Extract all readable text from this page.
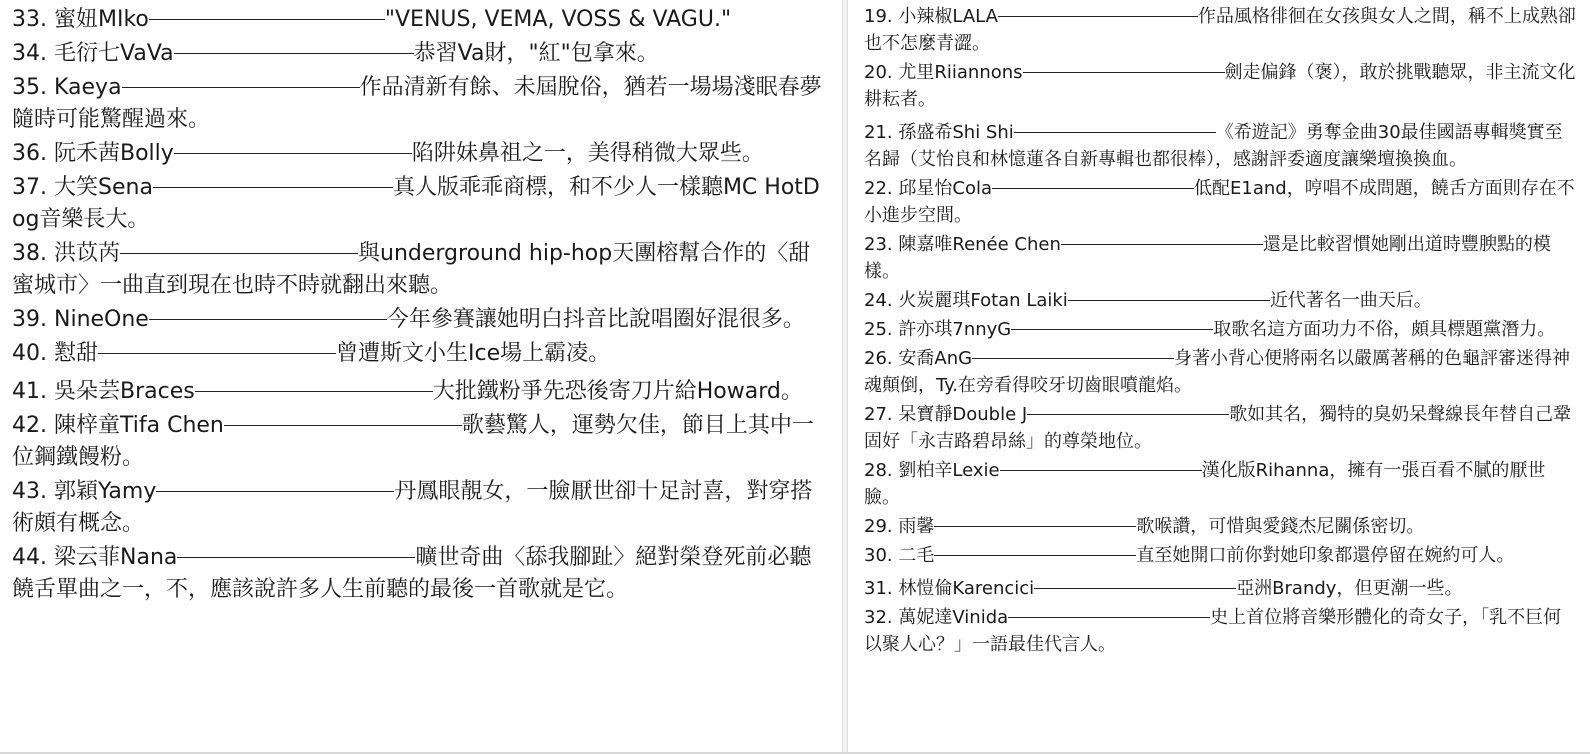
33. 蜜妞MIko	"VENUS, VEMA, VOSS & VAGU."

34. 毛衍七VaVa	恭習Va財，"紅"包拿來。

35. Kaeya	作品清新有餘、未屆脫俗，猶若一場場淺眠春夢隨時可能驚醒過來。

36. 阮禾茜Bolly	陷阱妹鼻祖之一，美得稍微大眾些。

37. 大笑Sena	真人版乖乖商標，和不少人一樣聽MC HotDog音樂長大。

38. 洪苡芮	與underground hip-hop天團榕幫合作的〈甜蜜城市〉一曲直到現在也時不時就翻出來聽。

39. NineOne	今年參賽讓她明白抖音比說唱圈好混很多。

40. 懟甜	曾遭斯文小生Ice場上霸凌。

41. 吳朵芸Braces	大批鐵粉爭先恐後寄刀片給Howard。

42. 陳梓童Tifa Chen	歌藝驚人，運勢欠佳，節目上其中一位鋼鐵饅粉。

43. 郭穎Yamy	丹鳳眼靚女，一臉厭世卻十足討喜，對穿搭術頗有概念。

44. 梁云菲Nana	曠世奇曲〈舔我腳趾〉絕對榮登死前必聽饒舌單曲之一，不，應該說許多人生前聽的最後一首歌就是它。

19. 小辣椒LALA	作品風格徘徊在女孩與女人之間，稱不上成熟卻也不怎麼青澀。

20. 尤里Riiannons	劍走偏鋒（褒），敢於挑戰聽眾，非主流文化耕耘者。

21. 孫盛希Shi Shi	《希遊記》勇奪金曲30最佳國語專輯獎實至名歸（艾怡良和林憶蓮各自新專輯也都很棒），感謝評委適度讓樂壇換換血。

22. 邱星怡Cola	低配E1and，哼唱不成問題，饒舌方面則存在不小進步空間。

23. 陳嘉唯Renée Chen	還是比較習慣她剛出道時豐腴點的模樣。

24. 火炭麗琪Fotan Laiki	近代著名一曲天后。

25. 許亦琪7nnyG	取歌名這方面功力不俗，頗具標題黨潛力。

26. 安喬AnG	身著小背心便將兩名以嚴厲著稱的色龜評審迷得神魂顛倒，Ty.在旁看得咬牙切齒眼噴龍焰。

27. 呆寶靜Double J	歌如其名，獨特的臭奶呆聲線長年替自己鞏固好「永吉路碧昂絲」的尊榮地位。

28. 劉柏辛Lexie	漢化版Rihanna，擁有一張百看不膩的厭世臉。

29. 雨馨	歌喉讚，可惜與愛錢杰尼關係密切。

30. 二毛	直至她開口前你對她印象都還停留在婉約可人。

31. 林愷倫Karencici	亞洲Brandy，但更潮一些。

32. 萬妮達Vinida	史上首位將音樂形體化的奇女子，「乳不巨何以聚人心？」一語最佳代言人。
